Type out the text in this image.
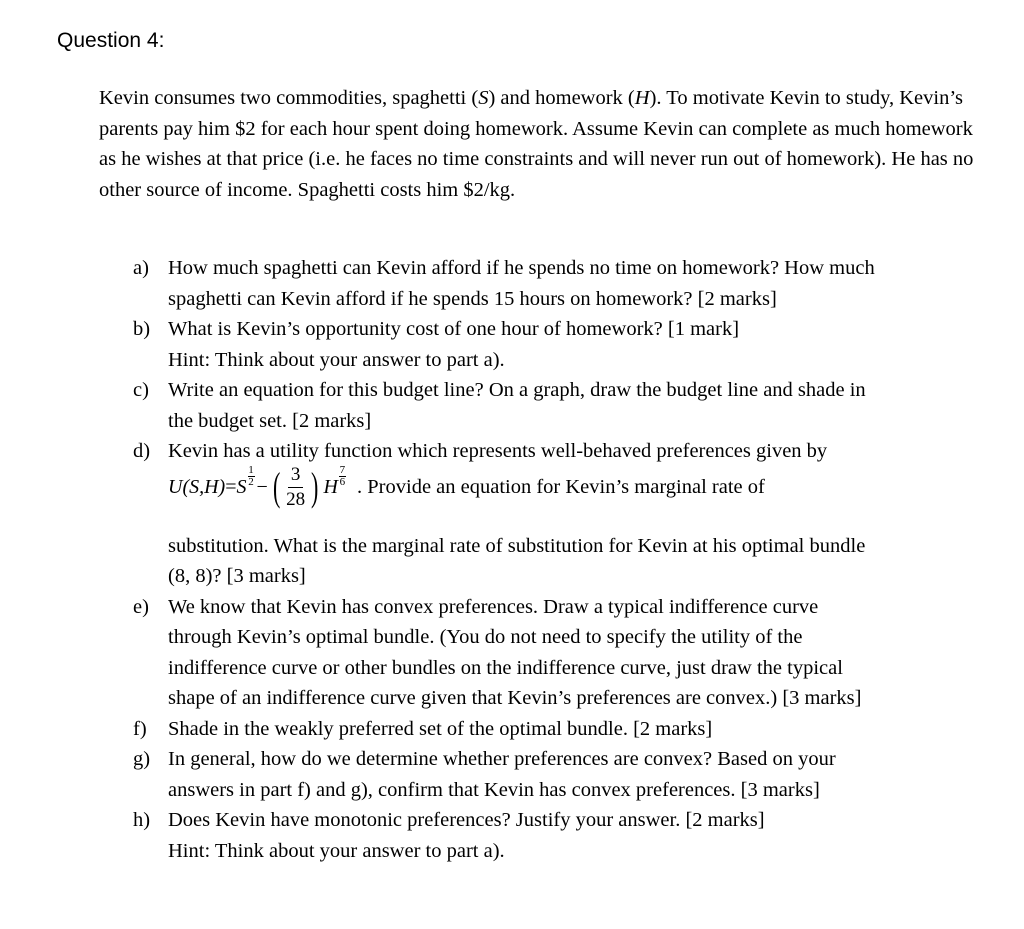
Question 4:

Kevin consumes two commodities, spaghetti (S) and homework (H). To motivate Kevin to study, Kevin’s parents pay him $2 for each hour spent doing homework. Assume Kevin can complete as much homework as he wishes at that price (i.e. he faces no time constraints and will never run out of homework). He has no other source of income. Spaghetti costs him $2/kg.

a) How much spaghetti can Kevin afford if he spends no time on homework? How much
spaghetti can Kevin afford if he spends 15 hours on homework? [2 marks]
b) What is Kevin’s opportunity cost of one hour of homework? [1 mark]
Hint: Think about your answer to part a).
c) Write an equation for this budget line? On a graph, draw the budget line and shade in
the budget set. [2 marks]
d) Kevin has a utility function which represents well-behaved preferences given by
U (S,H) = S
1
2 − ( $\frac{3}{28}$ ) H
7
6 . Provide an equation for Kevin’s marginal rate of
substitution. What is the marginal rate of substitution for Kevin at his optimal bundle
(8, 8)? [3 marks]
e) We know that Kevin has convex preferences. Draw a typical indifference curve
through Kevin’s optimal bundle. (You do not need to specify the utility of the
indifference curve or other bundles on the indifference curve, just draw the typical
shape of an indifference curve given that Kevin’s preferences are convex.) [3 marks]
f) Shade in the weakly preferred set of the optimal bundle. [2 marks]
g) In general, how do we determine whether preferences are convex? Based on your
answers in part f) and g), confirm that Kevin has convex preferences. [3 marks]
h) Does Kevin have monotonic preferences? Justify your answer. [2 marks]
Hint: Think about your answer to part a).
